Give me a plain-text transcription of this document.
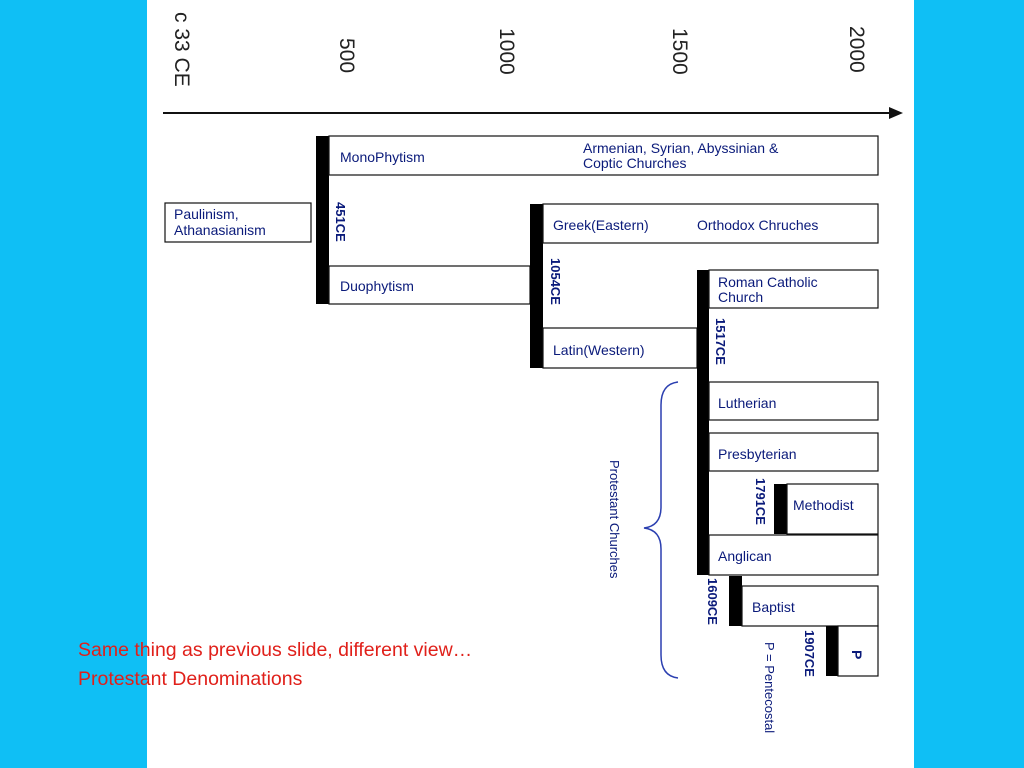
c 33 CE	500	1000	1500	2000
Paulinism,
Athanasianism
MonoPhytism
Armenian, Syrian, Abyssinian &
Coptic Churches
451CE
Duophytism
Greek(Eastern)	Orthodox Chruches
1054CE
Latin(Western)
Roman Catholic
Church
1517CE
Lutherian
Presbyterian
1791CE Methodist
Anglican
1609CE Baptist
1907CE P
P = Pentecostal
Protestant Churches
Same thing as previous slide, different view…
Protestant Denominations
